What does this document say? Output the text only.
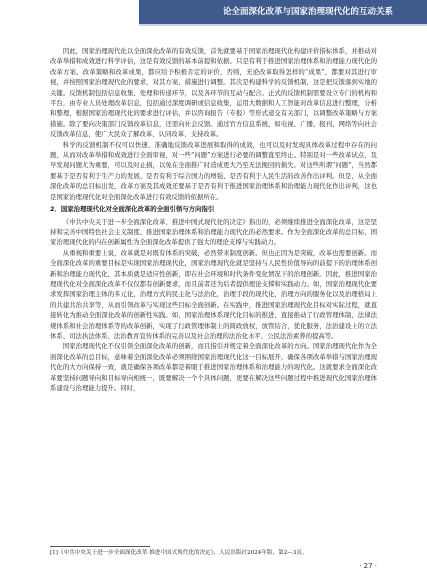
论全面深化改革与国家治理现代化的互动关系

因此，国家治理现代化以全面深化改革的有效反馈，首先就要基于国家治理现代化构建评价指标体系，并推动对改革举措和成效进行科学评估，这是有效反馈的基本前提和依据。只是有利于推进国家治理体系和治理能力现代化的改革方案、改革策略和改革成果，都应给予积极肯定的评价，否则，无论改革取得怎样的“成果”，都要对其进行审视，并按照国家治理现代化的要求，对其方案、措施进行调整。其次是构建科学的反馈机制，这是把反馈落到实地的关键。反馈机制包括信息收集、处理和传递环节，以及各环节的互动与配合。正式的反馈机制需要设立专门的机构和平台，由专业人员处理改革信息，包括通过深度调研或信息收集，运用大数据和人工智能对改革信息进行整理，分析和整理，根据国家治理现代化的要求进行评估，并以咨询报告（专报）等形式递交有关部门，以调整改革策略与方案措施。除了要向决策部门反馈改革信息，还需向社会反馈。通过官方信息系统，如电视、广播、报刊、网络等向社会反馈改革信息，使广大民众了解改革，认同改革，支持改革。

科学的反馈机制不仅可以快速、准确地反馈改革进展和取得的成效，也可以及时发现具体改革过程中存在的问题，从而对改革举措和成效进行全面审视，对一些“问题”方案进行必要的调整直至终止。特别是对一些改革试点，及早发现问题尤为重要，可以及时止损，以免在全面推广时造成更大乃至无法挽回的损失。对这些所谓“问题”，当然都要基于是否有利于生产力的发展、是否有利于综合国力的增强、是否有利于人民生活的改善作出评判。但是，从全面深化改革的总目标出发，改革方案及其成效还要基于是否有利于推进国家治理体系和治理能力现代化作出评判，这也是国家治理现代化对全面深化改革进行有效反馈的依据所在。

2．国家治理现代化对全面深化改革的全面引领与方向指引

《中共中央关于进一步全面深化改革、推进中国式现代化的决定》指出的，必须继续推进全面深化改革，这是坚持和完善中国特色社会主义制度、推进国家治理体系和治理能力现代化的必然要求。作为全面深化改革的总目标，国家治理现代化的内在创新属性为全面深化改革提供了强大的理论支撑与实践动力。

从重视和重要上说，改革就是对既有体系的突破，必然带来制度创新。但也正因为是突破，改革也需要创新。而全面深化改革的重要目标是实现国家治理现代化，国家治理现代化就是坚持与人民性价值导向的前提下的治理体系创新和治理能力现代化，其本质就是适应性创新，即在社会环境和时代条件变化情况下的治理创新。因此，推进国家治理现代化对全面深化改革不仅仅都有创新要求，而且前者还为后者提供理论支撑和实践动力。如，国家治理现代化要求发挥国家治理主体的多元化，治理方式的民主化与法治化，治理手段的现代化，治理方向的服务化以及治理格局上的共建共治共享等，从而引领改革与实现这些目标全面创新。在实践中，推进国家治理现代化目标对实际过程，就直接转化为推动全面深化改革的创新性实践。如，国家治理体系现代化目标的推进，直接推动了行政管理体制，法律法规体系和社会治理体系等的改革创新，实现了行政管理体制上的简政放权，放管结合，优化服务，法治建设上的立法体系、司法执法体系、法治教育宣传体系的完善以及社会治理的法治化水平，公民法治素养的提高等。

国家治理现代化不仅引领全面深化改革的创新，而且指引并规定着全面深化改革的方向。国家治理现代化作为全面深化改革的总目标，意味着全面深化改革必须围绕国家治理现代化这一目标展开，确保各项改革举措与国家治理现代化的大方向保持一致，就是确保各项改革都是着眼于推进国家治理体系和治理能力的现代化。这就要求全面深化改革要坚持问题导向和目标导向相统一，既要解决一个个具体问题，更要在解决这些问题过程中推进现代化国家治理体系建设与治理能力提升。同时，

[1]《中共中央关于进一步全面深化改革 推进中国式现代化的决定》，人民出版社2024年版，第2—3页。
· 27 ·
